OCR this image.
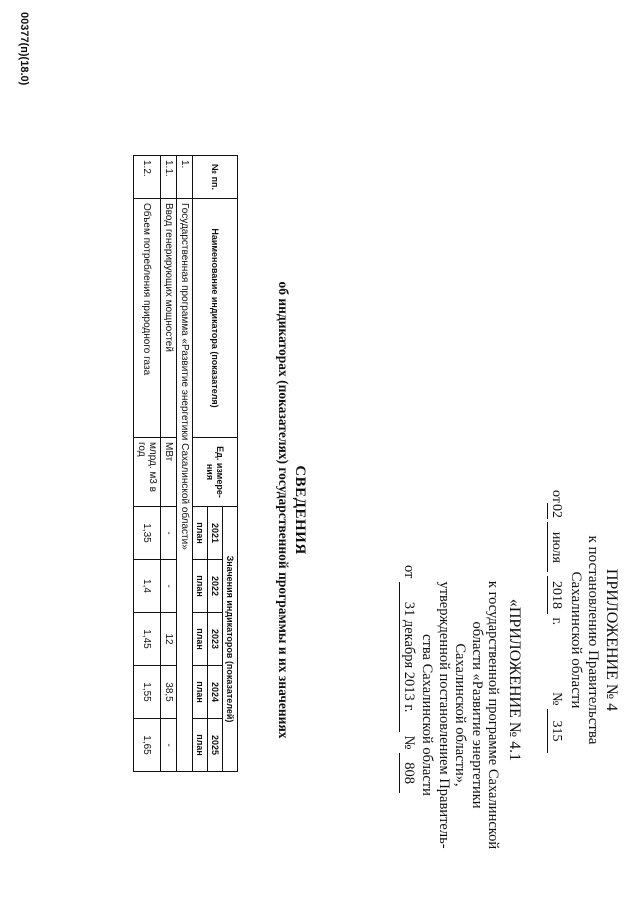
ПРИЛОЖЕНИЕ № 4
к постановлению Правительства
Сахалинской области
от02 июля 2018 г.  № 315
«ПРИЛОЖЕНИЕ № 4.1
к государственной программе Сахалинской
области «Развитие энергетики
Сахалинской области»,
утвержденной постановлением Правитель-
ства Сахалинской области
от 31 декабря 2013 г. № 808
СВЕДЕНИЯ
об индикаторах (показателях) государственной программы и их значениях
№ пп.	Наименование индикатора (показателя)	Ед. измере-ния	Значения индикаторов (показателей)				
			2021	2022	2023	2024	2025
			план	план	план	план	план
1.	Государственная программа «Развитие энергетики Сахалинской области»						
1.1.	Ввод генерирующих мощностей	МВт	-	-	12	38,5	-
1.2.	Объем потребления природного газа	млрд. м3 в год	1,35	1,4	1,45	1,55	1,65
00377(п)(18.0)
